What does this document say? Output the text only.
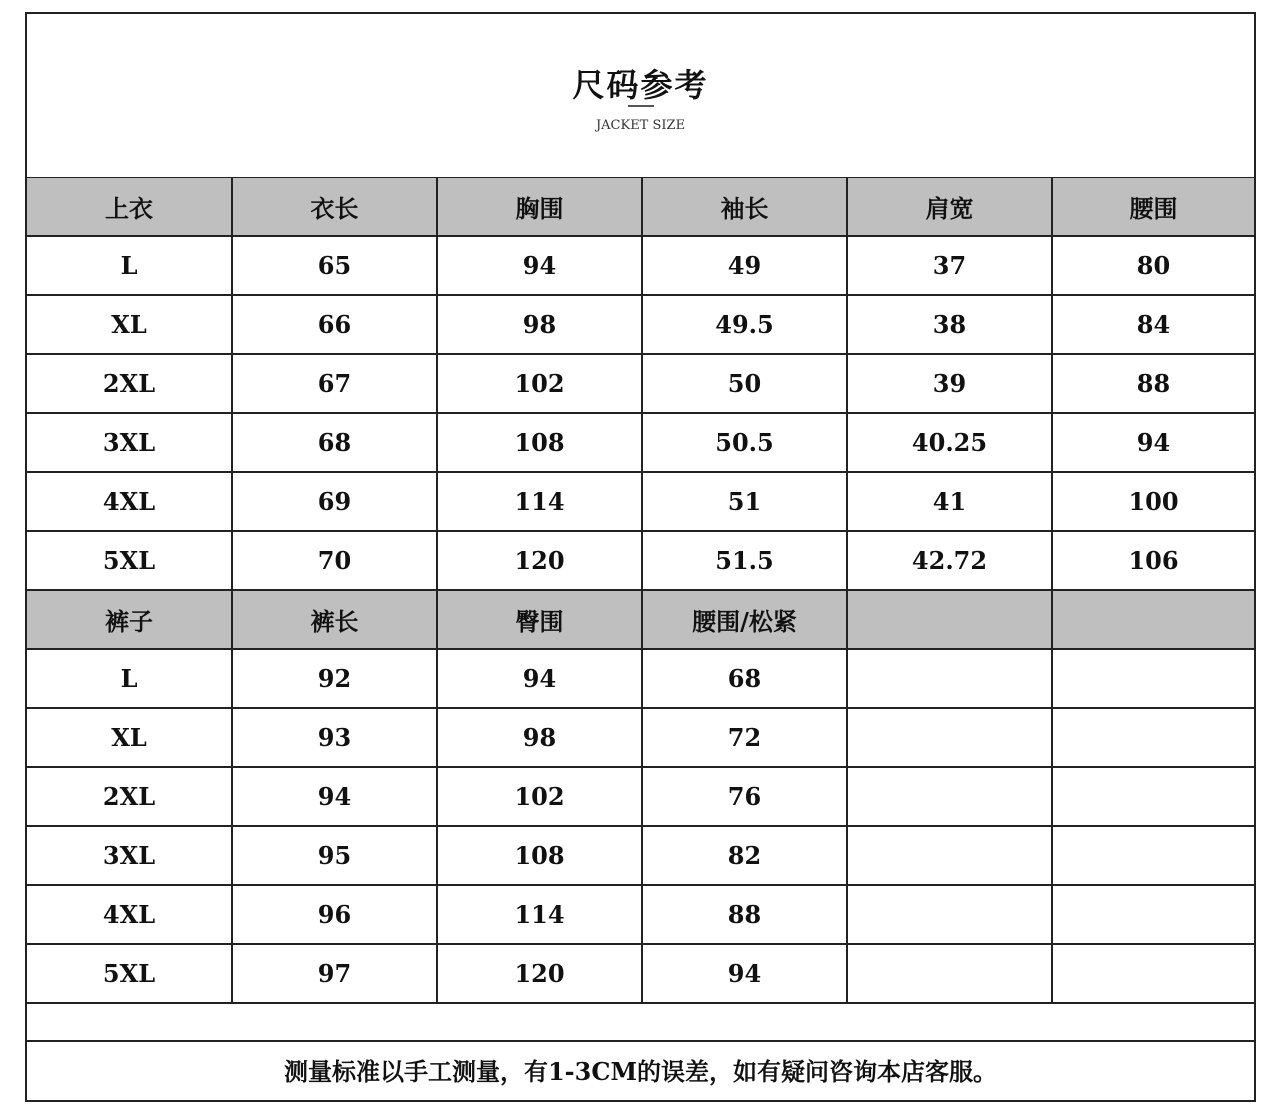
尺码参考
JACKET SIZE
上衣	衣长	胸围	袖长	肩宽	腰围
L	65	94	49	37	80
XL	66	98	49.5	38	84
2XL	67	102	50	39	88
3XL	68	108	50.5	40.25	94
4XL	69	114	51	41	100
5XL	70	120	51.5	42.72	106
裤子	裤长	臀围	腰围/松紧		
L	92	94	68		
XL	93	98	72		
2XL	94	102	76		
3XL	95	108	82		
4XL	96	114	88		
5XL	97	120	94		
测量标准以手工测量，有1-3CM的误差，如有疑问咨询本店客服。
